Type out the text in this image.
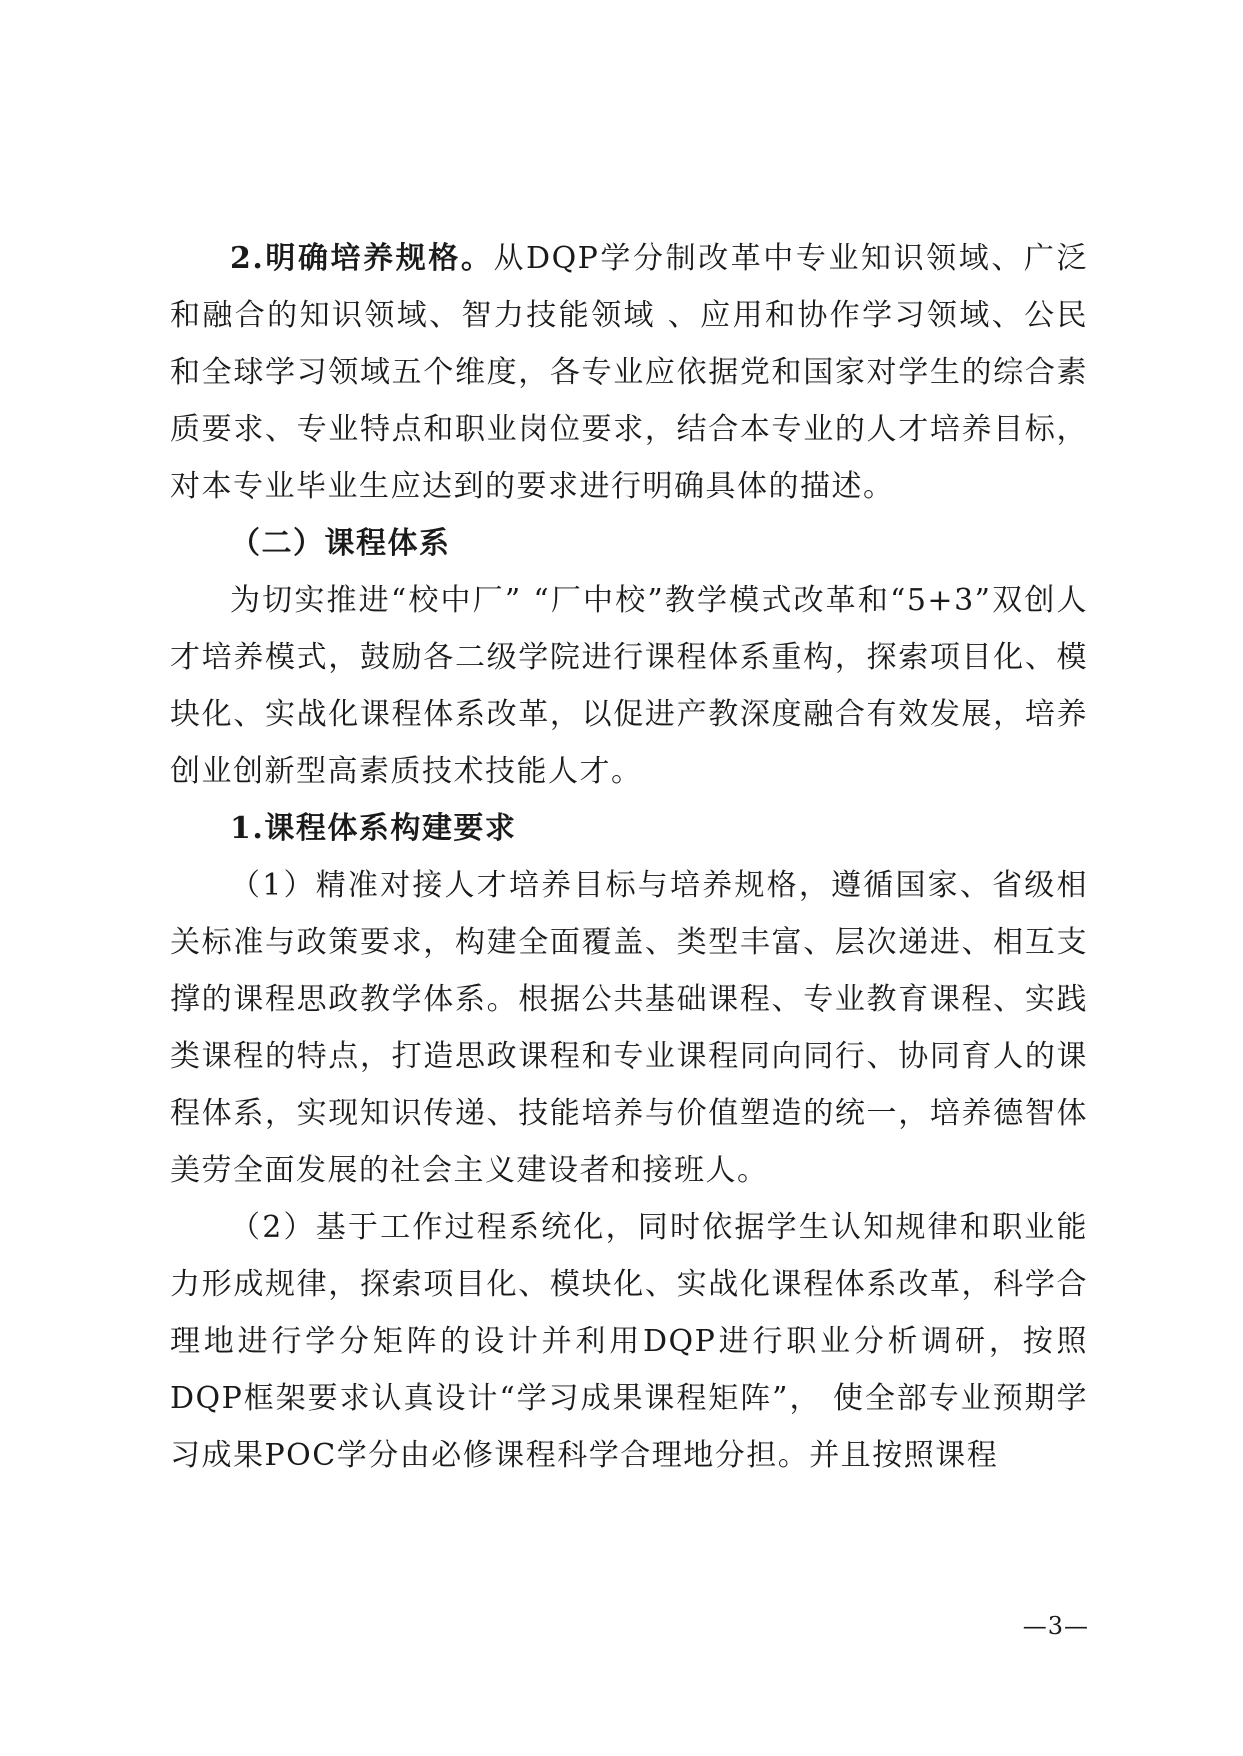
2.明确培养规格。从DQP学分制改革中专业知识领域、广泛和融合的知识领域、智力技能领域 、应用和协作学习领域、公民和全球学习领域五个维度，各专业应依据党和国家对学生的综合素质要求、专业特点和职业岗位要求，结合本专业的人才培养目标，对本专业毕业生应达到的要求进行明确具体的描述。

（二）课程体系

为切实推进“校中厂” “厂中校”教学模式改革和“5+3”双创人才培养模式，鼓励各二级学院进行课程体系重构，探索项目化、模块化、实战化课程体系改革，以促进产教深度融合有效发展，培养创业创新型高素质技术技能人才。

1.课程体系构建要求

（1）精准对接人才培养目标与培养规格，遵循国家、省级相关标准与政策要求，构建全面覆盖、类型丰富、层次递进、相互支撑的课程思政教学体系。根据公共基础课程、专业教育课程、实践类课程的特点，打造思政课程和专业课程同向同行、协同育人的课程体系，实现知识传递、技能培养与价值塑造的统一，培养德智体美劳全面发展的社会主义建设者和接班人。

（2）基于工作过程系统化，同时依据学生认知规律和职业能力形成规律，探索项目化、模块化、实战化课程体系改革，科学合理地进行学分矩阵的设计并利用DQP进行职业分析调研，按照DQP框架要求认真设计“学习成果课程矩阵”， 使全部专业预期学习成果POC学分由必修课程科学合理地分担。并且按照课程

—3—
